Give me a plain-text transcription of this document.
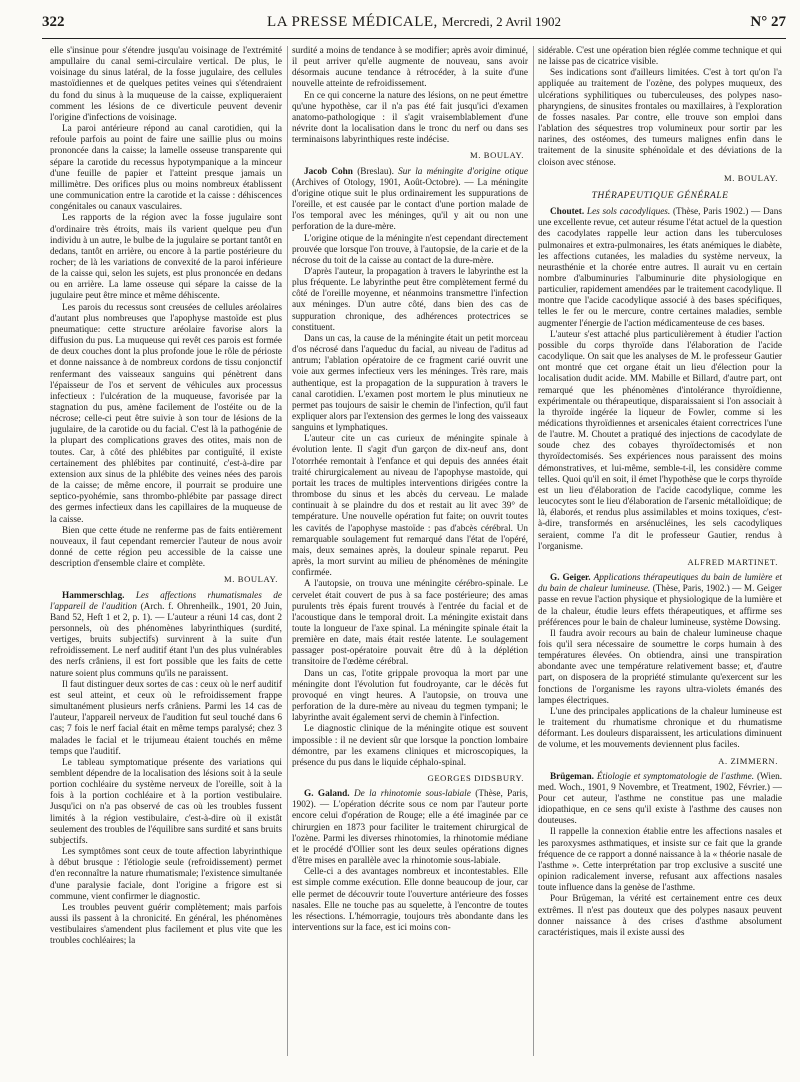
322	LA PRESSE MÉDICALE, Mercredi, 2 Avril 1902	N° 27

elle s'insinue pour s'étendre jusqu'au voisinage de l'extrémité ampullaire du canal semi-circulaire vertical. De plus, le voisinage du sinus latéral, de la fosse jugulaire, des cellules mastoïdiennes et de quelques petites veines qui s'étendraient du fond du sinus à la muqueuse de la caisse, expliqueraient comment les lésions de ce diverticule peuvent devenir l'origine d'infections de voisinage.

La paroi antérieure répond au canal carotidien, qui la refoule parfois au point de faire une saillie plus ou moins prononcée dans la caisse; la lamelle osseuse transparente qui sépare la carotide du recessus hypotympanique a la minceur d'une feuille de papier et l'atteint presque jamais un millimètre. Des orifices plus ou moins nombreux établissent une communication entre la carotide et la caisse : déhiscences congénitales ou canaux vasculaires.

Les rapports de la région avec la fosse jugulaire sont d'ordinaire très étroits, mais ils varient quelque peu d'un individu à un autre, le bulbe de la jugulaire se portant tantôt en dedans, tantôt en arrière, ou encore à la partie postérieure du rocher; de là les variations de convexité de la paroi inférieure de la caisse qui, selon les sujets, est plus prononcée en dedans ou en arrière. La lame osseuse qui sépare la caisse de la jugulaire peut être mince et même déhiscente.

Les parois du recessus sont creusées de cellules aréolaires d'autant plus nombreuses que l'apophyse mastoïde est plus pneumatique: cette structure aréolaire favorise alors la diffusion du pus. La muqueuse qui revêt ces parois est formée de deux couches dont la plus profonde joue le rôle de périoste et donne naissance à de nombreux cordons de tissu conjonctif renfermant des vaisseaux sanguins qui pénètrent dans l'épaisseur de l'os et servent de véhicules aux processus infectieux : l'ulcération de la muqueuse, favorisée par la stagnation du pus, amène facilement de l'ostéite ou de la nécrose; celle-ci peut être suivie à son tour de lésions de la jugulaire, de la carotide ou du facial. C'est là la pathogénie de la plupart des complications graves des otites, mais non de toutes. Car, à côté des phlébites par contiguïté, il existe certainement des phlébites par continuité, c'est-à-dire par extension aux sinus de la phlébite des veines nées des parois de la caisse; de même encore, il pourrait se produire une septico-pyohémie, sans thrombo-phlébite par passage direct des germes infectieux dans les capillaires de la muqueuse de la caisse.

Bien que cette étude ne renferme pas de faits entièrement nouveaux, il faut cependant remercier l'auteur de nous avoir donné de cette région peu accessible de la caisse une description d'ensemble claire et complète.

M. BOULAY.

Hammerschlag. Les affections rhumatismales de l'appareil de l'audition (Arch. f. Ohrenheilk., 1901, 20 Juin, Band 52, Heft 1 et 2, p. 1). — L'auteur a réuni 14 cas, dont 2 personnels, où des phénomènes labyrinthiques (surdité, vertiges, bruits subjectifs) survinrent à la suite d'un refroidissement. Le nerf auditif étant l'un des plus vulnérables des nerfs crâniens, il est fort possible que les faits de cette nature soient plus communs qu'ils ne paraissent.

Il faut distinguer deux sortes de cas : ceux où le nerf auditif est seul atteint, et ceux où le refroidissement frappe simultanément plusieurs nerfs crâniens. Parmi les 14 cas de l'auteur, l'appareil nerveux de l'audition fut seul touché dans 6 cas; 7 fois le nerf facial était en même temps paralysé; chez 3 malades le facial et le trijumeau étaient touchés en même temps que l'auditif.

Le tableau symptomatique présente des variations qui semblent dépendre de la localisation des lésions soit à la seule portion cochléaire du système nerveux de l'oreille, soit à la fois à la portion cochléaire et à la portion vestibulaire. Jusqu'ici on n'a pas observé de cas où les troubles fussent limités à la région vestibulaire, c'est-à-dire où il existât seulement des troubles de l'équilibre sans surdité et sans bruits subjectifs.

Les symptômes sont ceux de toute affection labyrinthique à début brusque : l'étiologie seule (refroidissement) permet d'en reconnaître la nature rhumatismale; l'existence simultanée d'une paralysie faciale, dont l'origine a frigore est si commune, vient confirmer le diagnostic.

Les troubles peuvent guérir complètement; mais parfois aussi ils passent à la chronicité. En général, les phénomènes vestibulaires s'amendent plus facilement et plus vite que les troubles cochléaires; la

surdité a moins de tendance à se modifier; après avoir diminué, il peut arriver qu'elle augmente de nouveau, sans avoir désormais aucune tendance à rétrocéder, à la suite d'une nouvelle atteinte de refroidissement.

En ce qui concerne la nature des lésions, on ne peut émettre qu'une hypothèse, car il n'a pas été fait jusqu'ici d'examen anatomo-pathologique : il s'agit vraisemblablement d'une névrite dont la localisation dans le tronc du nerf ou dans ses terminaisons labyrinthiques reste indécise.

M. BOULAY.

Jacob Cohn (Breslau). Sur la méningite d'origine otique (Archives of Otology, 1901, Août-Octobre). — La méningite d'origine otique suit le plus ordinairement les suppurations de l'oreille, et est causée par le contact d'une portion malade de l'os temporal avec les méninges, qu'il y ait ou non une perforation de la dure-mère.

L'origine otique de la méningite n'est cependant directement prouvée que lorsque l'on trouve, à l'autopsie, de la carie et de la nécrose du toit de la caisse au contact de la dure-mère.

D'après l'auteur, la propagation à travers le labyrinthe est la plus fréquente. Le labyrinthe peut être complètement fermé du côté de l'oreille moyenne, et néanmoins transmettre l'infection aux méninges. D'un autre côté, dans bien des cas de suppuration chronique, des adhérences protectrices se constituent.

Dans un cas, la cause de la méningite était un petit morceau d'os nécrosé dans l'aqueduc du facial, au niveau de l'aditus ad antrum; l'ablation opératoire de ce fragment carié ouvrit une voie aux germes infectieux vers les méninges. Très rare, mais authentique, est la propagation de la suppuration à travers le canal carotidien. L'examen post mortem le plus minutieux ne permet pas toujours de saisir le chemin de l'infection, qu'il faut expliquer alors par l'extension des germes le long des vaisseaux sanguins et lymphatiques.

L'auteur cite un cas curieux de méningite spinale à évolution lente. Il s'agit d'un garçon de dix-neuf ans, dont l'otorrhée remontait à l'enfance et qui depuis des années était traité chirurgicalement au niveau de l'apophyse mastoïde, qui portait les traces de multiples interventions dirigées contre la thrombose du sinus et les abcès du cerveau. Le malade continuait à se plaindre du dos et restait au lit avec 39° de température. Une nouvelle opération fut faite; on ouvrit toutes les cavités de l'apophyse mastoïde : pas d'abcès cérébral. Un remarquable soulagement fut remarqué dans l'état de l'opéré, mais, deux semaines après, la douleur spinale reparut. Peu après, la mort survint au milieu de phénomènes de méningite confirmée.

A l'autopsie, on trouva une méningite cérébro-spinale. Le cervelet était couvert de pus à sa face postérieure; des amas purulents très épais furent trouvés à l'entrée du facial et de l'acoustique dans le temporal droit. La méningite existait dans toute la longueur de l'axe spinal. La méningite spinale était la première en date, mais était restée latente. Le soulagement passager post-opératoire pouvait être dû à la déplétion transitoire de l'œdème cérébral.

Dans un cas, l'otite grippale provoqua la mort par une méningite dont l'évolution fut foudroyante, car le décès fut provoqué en vingt heures. A l'autopsie, on trouva une perforation de la dure-mère au niveau du tegmen tympani; le labyrinthe avait également servi de chemin à l'infection.

Le diagnostic clinique de la méningite otique est souvent impossible : il ne devient sûr que lorsque la ponction lombaire démontre, par les examens cliniques et microscopiques, la présence du pus dans le liquide céphalo-spinal.

GEORGES DIDSBURY.

G. Galand. De la rhinotomie sous-labiale (Thèse, Paris, 1902). — L'opération décrite sous ce nom par l'auteur porte encore celui d'opération de Rouge; elle a été imaginée par ce chirurgien en 1873 pour faciliter le traitement chirurgical de l'ozène. Parmi les diverses rhinotomies, la rhinotomie médiane et le procédé d'Ollier sont les deux seules opérations dignes d'être mises en parallèle avec la rhinotomie sous-labiale.

Celle-ci a des avantages nombreux et incontestables. Elle est simple comme exécution. Elle donne beaucoup de jour, car elle permet de découvrir toute l'ouverture antérieure des fosses nasales. Elle ne touche pas au squelette, à l'encontre de toutes les résections. L'hémorragie, toujours très abondante dans les interventions sur la face, est ici moins con-

sidérable. C'est une opération bien réglée comme technique et qui ne laisse pas de cicatrice visible.

Ses indications sont d'ailleurs limitées. C'est à tort qu'on l'a appliquée au traitement de l'ozène, des polypes muqueux, des ulcérations syphilitiques ou tuberculeuses, des polypes naso-pharyngiens, de sinusites frontales ou maxillaires, à l'exploration de fosses nasales. Par contre, elle trouve son emploi dans l'ablation des séquestres trop volumineux pour sortir par les narines, des ostéomes, des tumeurs malignes enfin dans le traitement de la sinusite sphénoïdale et des déviations de la cloison avec sténose.

M. BOULAY.

THÉRAPEUTIQUE GÉNÉRALE

Choutet. Les sols cacodyliques. (Thèse, Paris 1902.) — Dans une excellente revue, cet auteur résume l'état actuel de la question des cacodylates rappelle leur action dans les tuberculoses pulmonaires et extra-pulmonaires, les états anémiques le diabète, les affections cutanées, les maladies du système nerveux, la neurasthénie et la chorée entre autres. Il aurait vu en certain nombre d'albuminuries l'albuminurie dite physiologique en particulier, rapidement amendées par le traitement cacodylique. Il montre que l'acide cacodylique associé à des bases spécifiques, telles le fer ou le mercure, contre certaines maladies, semble augmenter l'énergie de l'action médicamenteuse de ces bases.

L'auteur s'est attaché plus particulièrement à étudier l'action possible du corps thyroïde dans l'élaboration de l'acide cacodylique. On sait que les analyses de M. le professeur Gautier ont montré que cet organe était un lieu d'élection pour la localisation dudit acide. MM. Mabille et Billard, d'autre part, ont remarqué que les phénomènes d'intolérance thyroïdienne, expérimentale ou thérapeutique, disparaissaient si l'on associait à la thyroïde ingérée la liqueur de Fowler, comme si les médications thyroïdiennes et arsenicales étaient correctrices l'une de l'autre. M. Choutet a pratiqué des injections de cacodylate de soude chez des cobayes thyroïdectomisés et non thyroïdectomisés. Ses expériences nous paraissent des moins démonstratives, et lui-même, semble-t-il, les considère comme telles. Quoi qu'il en soit, il émet l'hypothèse que le corps thyroïde est un lieu d'élaboration de l'acide cacodylique, comme les leucocytes sont le lieu d'élaboration de l'arsenic métalloïdique; de là, élaborés, et rendus plus assimilables et moins toxiques, c'est-à-dire, transformés en arsénucléines, les sels cacodyliques seraient, comme l'a dit le professeur Gautier, rendus à l'organisme.

ALFRED MARTINET.

G. Geiger. Applications thérapeutiques du bain de lumière et du bain de chaleur lumineuse. (Thèse, Paris, 1902.) — M. Geiger passe en revue l'action physique et physiologique de la lumière et de la chaleur, étudie leurs effets thérapeutiques, et affirme ses préférences pour le bain de chaleur lumineuse, système Dowsing.

Il faudra avoir recours au bain de chaleur lumineuse chaque fois qu'il sera nécessaire de soumettre le corps humain à des températures élevées. On obtiendra, ainsi une transpiration abondante avec une température relativement basse; et, d'autre part, on disposera de la propriété stimulante qu'exercent sur les fonctions de l'organisme les rayons ultra-violets émanés des lampes électriques.

L'une des principales applications de la chaleur lumineuse est le traitement du rhumatisme chronique et du rhumatisme déformant. Les douleurs disparaissent, les articulations diminuent de volume, et les mouvements deviennent plus faciles.

A. ZIMMERN.

Brügeman. Étiologie et symptomatologie de l'asthme. (Wien. med. Woch., 1901, 9 Novembre, et Treatment, 1902, Février.) — Pour cet auteur, l'asthme ne constitue pas une maladie idiopathique, en ce sens qu'il existe à l'asthme des causes non douteuses.

Il rappelle la connexion établie entre les affections nasales et les paroxysmes asthmatiques, et insiste sur ce fait que la grande fréquence de ce rapport a donné naissance à la « théorie nasale de l'asthme ». Cette interprétation par trop exclusive a suscité une opinion radicalement inverse, refusant aux affections nasales toute influence dans la genèse de l'asthme.

Pour Brügeman, la vérité est certainement entre ces deux extrêmes. Il n'est pas douteux que des polypes nasaux peuvent donner naissance à des crises d'asthme absolument caractéristiques, mais il existe aussi des
